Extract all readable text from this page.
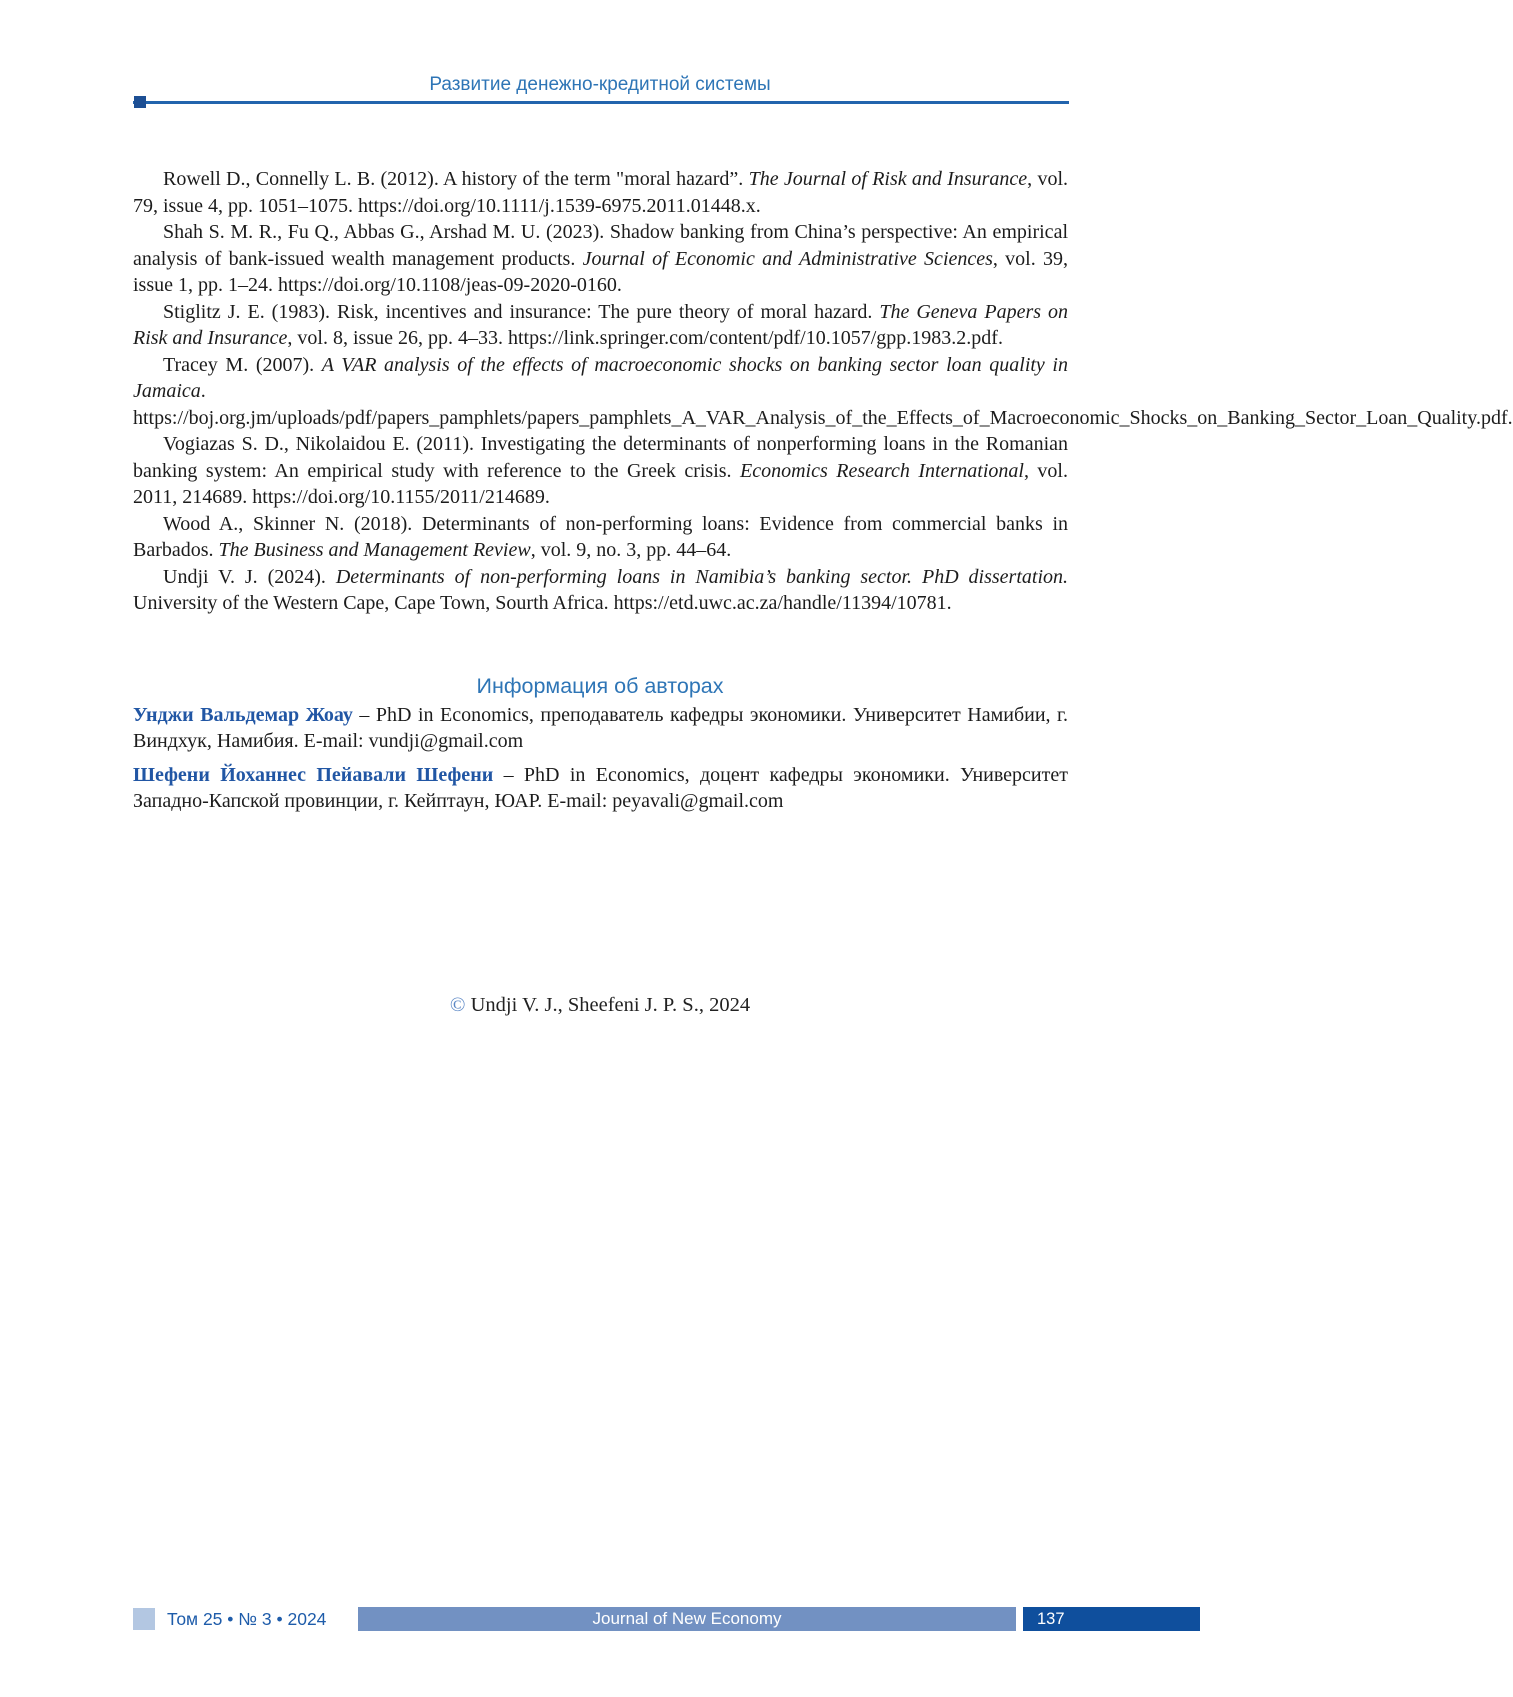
Развитие денежно-кредитной системы

Rowell D., Connelly L. B. (2012). A history of the term "moral hazard”. The Journal of Risk and Insurance, vol. 79, issue 4, pp. 1051–1075. https://doi.org/10.1111/j.1539-6975.2011.01448.x.

Shah S. M. R., Fu Q., Abbas G., Arshad M. U. (2023). Shadow banking from China’s perspective: An empirical analysis of bank-issued wealth management products. Journal of Economic and Administrative Sciences, vol. 39, issue 1, pp. 1–24. https://doi.org/10.1108/jeas-09-2020-0160.

Stiglitz J. E. (1983). Risk, incentives and insurance: The pure theory of moral hazard. The Geneva Papers on Risk and Insurance, vol. 8, issue 26, pp. 4–33. https://link.springer.com/content/pdf/10.1057/gpp.1983.2.pdf.

Tracey M. (2007). A VAR analysis of the effects of macroeconomic shocks on banking sector loan quality in Jamaica. https://boj.org.jm/uploads/pdf/papers_pamphlets/papers_pamphlets_A_VAR_Analysis_of_the_Effects_of_Macroeconomic_Shocks_on_Banking_Sector_Loan_Quality.pdf.

Vogiazas S. D., Nikolaidou E. (2011). Investigating the determinants of nonperforming loans in the Romanian banking system: An empirical study with reference to the Greek crisis. Economics Research International, vol. 2011, 214689. https://doi.org/10.1155/2011/214689.

Wood A., Skinner N. (2018). Determinants of non-performing loans: Evidence from commercial banks in Barbados. The Business and Management Review, vol. 9, no. 3, pp. 44–64.

Undji V. J. (2024). Determinants of non-performing loans in Namibia’s banking sector. PhD dissertation. University of the Western Cape, Cape Town, Sourth Africa. https://etd.uwc.ac.za/handle/11394/10781.

Информация об авторах

Унджи Вальдемар Жоау – PhD in Economics, преподаватель кафедры экономики. Университет Намибии, г. Виндхук, Намибия. E-mail: vundji@gmail.com

Шефени Йоханнес Пейавали Шефени – PhD in Economics, доцент кафедры экономики. Университет Западно-Капской провинции, г. Кейптаун, ЮАР. E-mail: peyavali@gmail.com

© Undji V. J., Sheefeni J. P. S., 2024
Том 25 • № 3 • 2024	Journal of New Economy	137
